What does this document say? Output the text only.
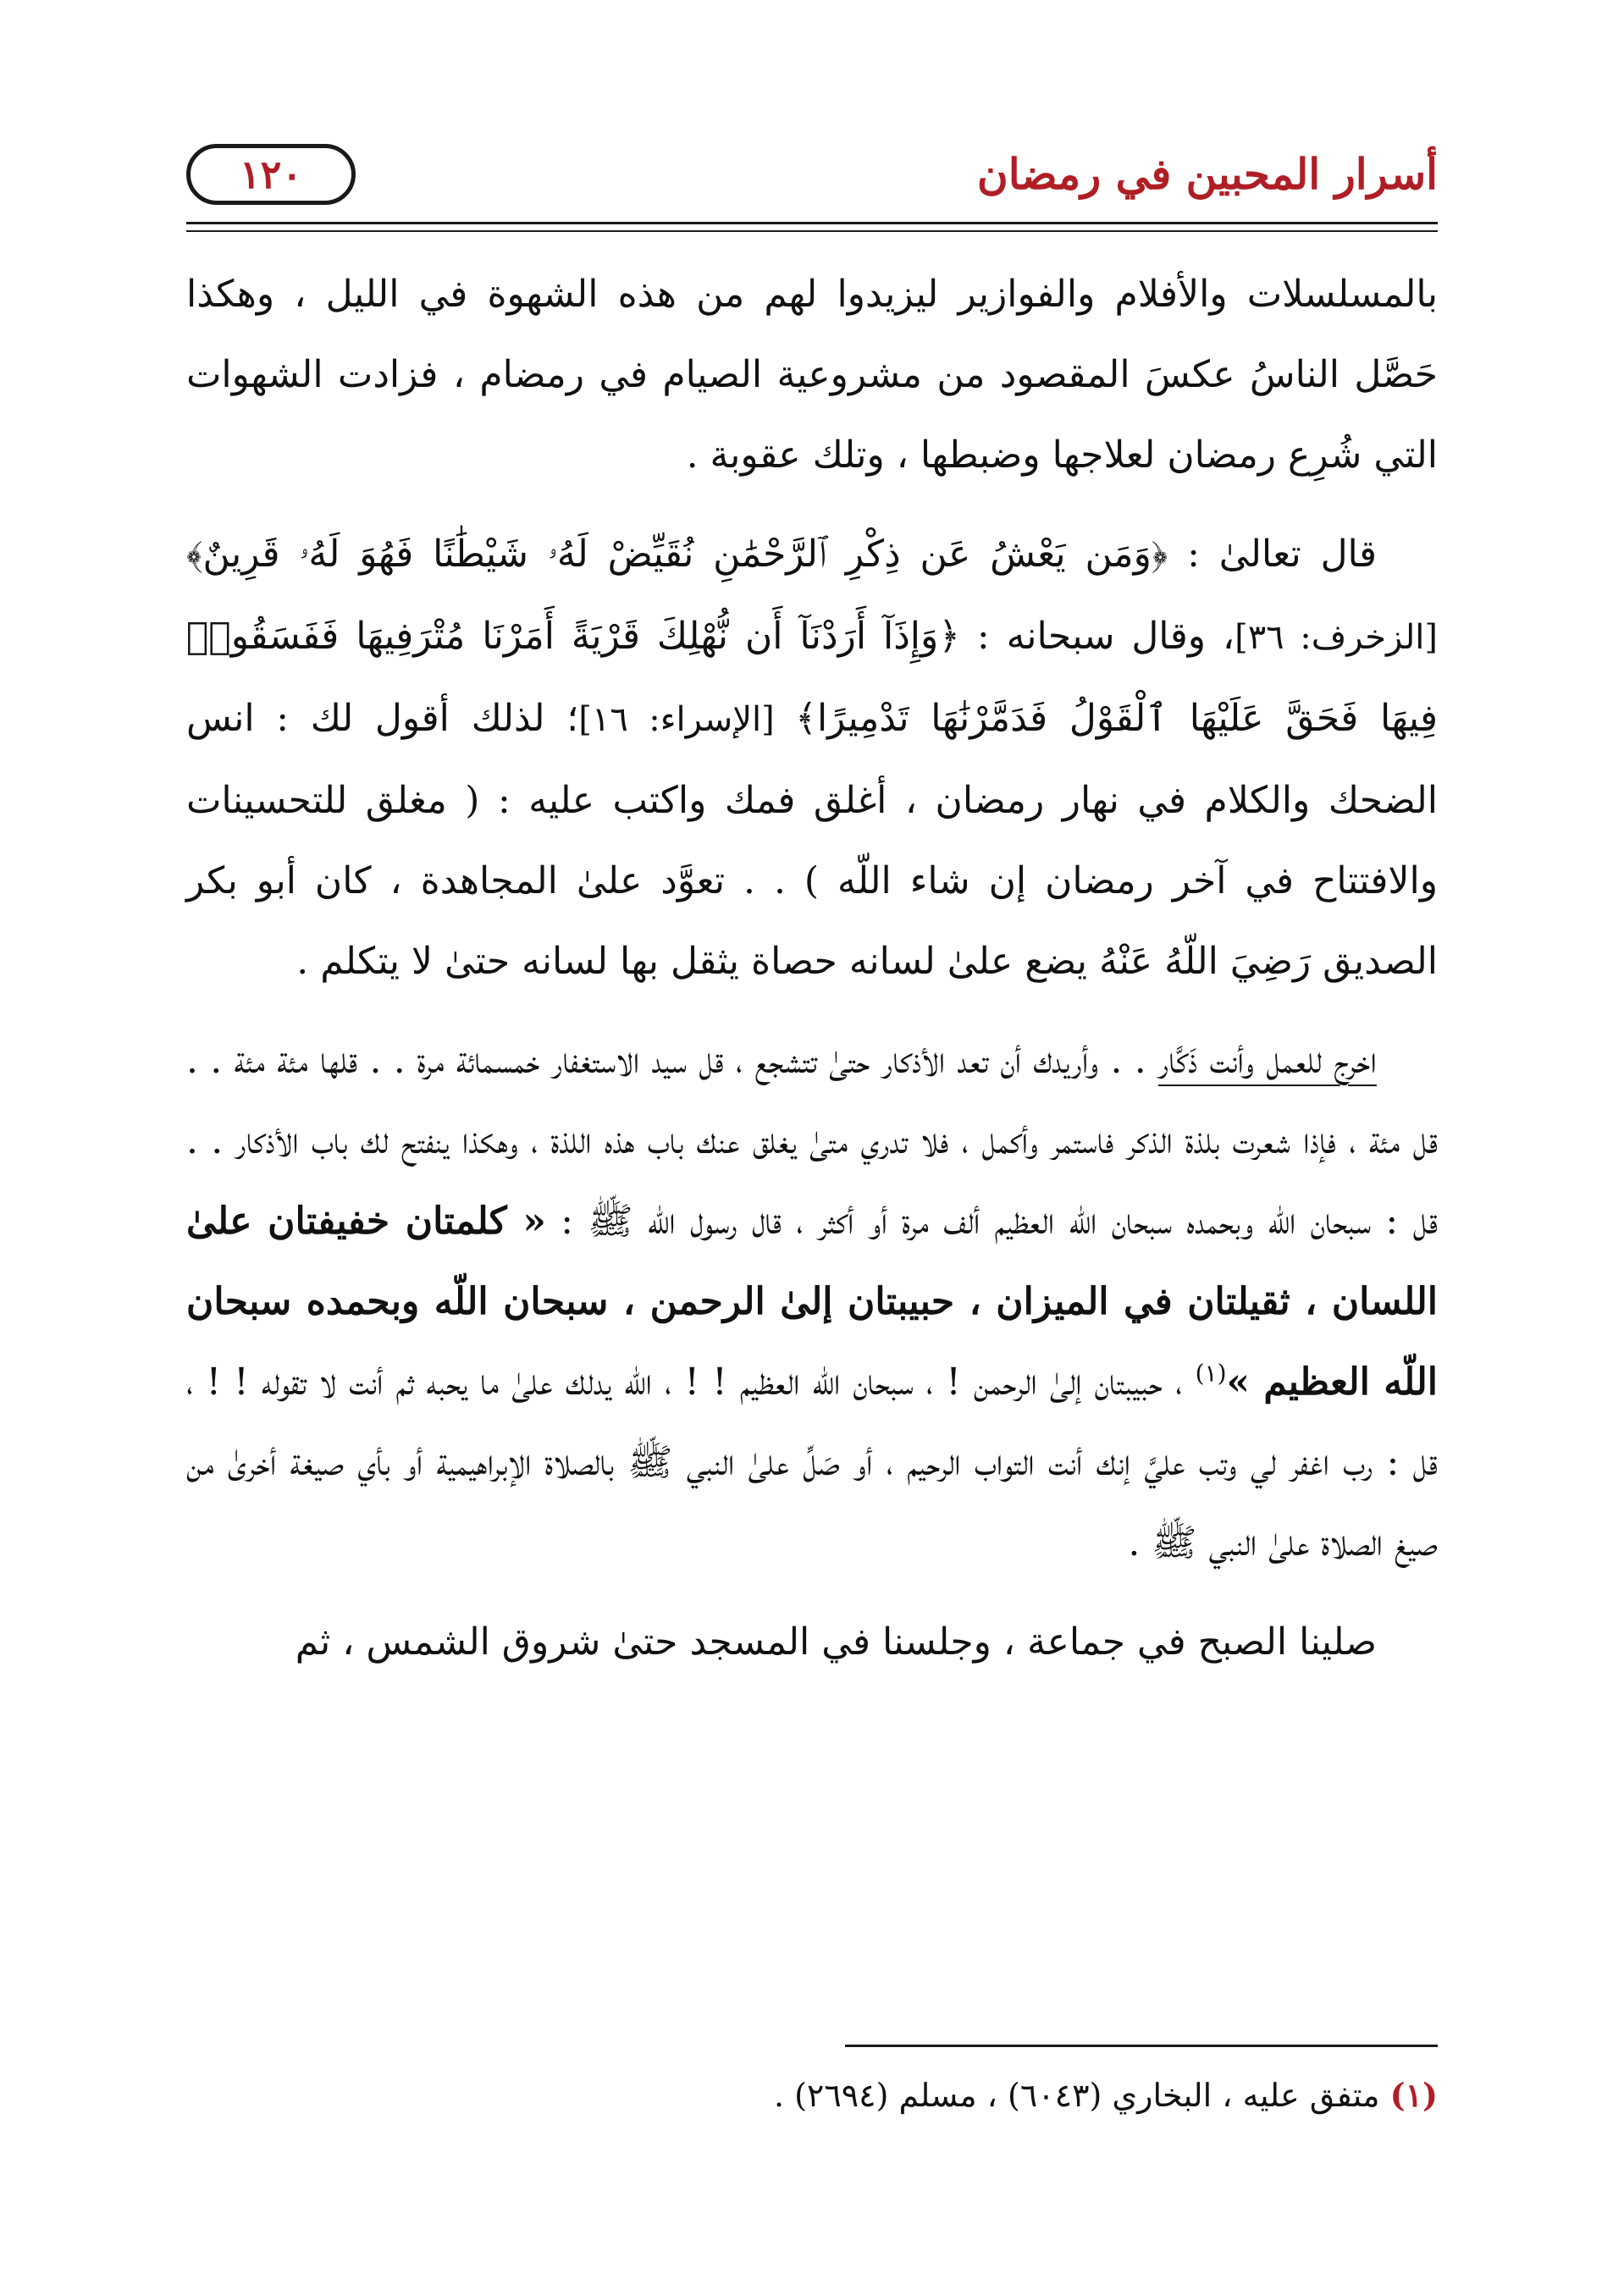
أسرار المحبين في رمضان
١٢٠

بالمسلسلات والأفلام والفوازير ليزيدوا لهم من هذه الشهوة في الليل ، وهكذا حَصَّل الناسُ عكسَ المقصود من مشروعية الصيام في رمضام ، فزادت الشهوات التي شُرِع رمضان لعلاجها وضبطها ، وتلك عقوبة .

قال تعالىٰ : ﴿وَمَن يَعْشُ عَن ذِكْرِ ٱلرَّحْمَٰنِ نُقَيِّضْ لَهُۥ شَيْطَٰنًا فَهُوَ لَهُۥ قَرِينٌ﴾ [الزخرف: ٣٦]، وقال سبحانه : ﴿وَإِذَآ أَرَدْنَآ أَن نُّهْلِكَ قَرْيَةً أَمَرْنَا مُتْرَفِيهَا فَفَسَقُوا۟ فِيهَا فَحَقَّ عَلَيْهَا ٱلْقَوْلُ فَدَمَّرْنَٰهَا تَدْمِيرًا﴾ [الإسراء: ١٦]؛ لذلك أقول لك : انس الضحك والكلام في نهار رمضان ، أغلق فمك واكتب عليه : ( مغلق للتحسينات والافتتاح في آخر رمضان إن شاء اللّه ) . . تعوَّد علىٰ المجاهدة ، كان أبو بكر الصديق رَضِيَ اللّهُ عَنْهُ يضع علىٰ لسانه حصاة يثقل بها لسانه حتىٰ لا يتكلم .

اخرج للعمل وأنت ذَكَّار . . وأريدك أن تعد الأذكار حتىٰ تتشجع ، قل سيد الاستغفار خمسمائة مرة . . قلها مئة مئة . . قل مئة ، فإذا شعرت بلذة الذكر فاستمر وأكمل ، فلا تدري متىٰ يغلق عنك باب هذه اللذة ، وهكذا ينفتح لك باب الأذكار . . قل : سبحان اللّه وبحمده سبحان اللّه العظيم ألف مرة أو أكثر ، قال رسول اللّه ﷺ : « كلمتان خفيفتان علىٰ اللسان ، ثقيلتان في الميزان ، حبيبتان إلىٰ الرحمن ، سبحان اللّه وبحمده سبحان اللّه العظيم »$^{(١)}$ ، حبيبتان إلىٰ الرحمن ! ، سبحان اللّه العظيم ! ! ، اللّه يدلك علىٰ ما يحبه ثم أنت لا تقوله ! ! ، قل : رب اغفر لي وتب عليَّ إنك أنت التواب الرحيم ، أو صَلِّ علىٰ النبي ﷺ بالصلاة الإبراهيمية أو بأي صيغة أخرىٰ من صيغ الصلاة علىٰ النبي ﷺ .

صلينا الصبح في جماعة ، وجلسنا في المسجد حتىٰ شروق الشمس ، ثم

(١) متفق عليه ، البخاري (٦٠٤٣) ، مسلم (٢٦٩٤) .
